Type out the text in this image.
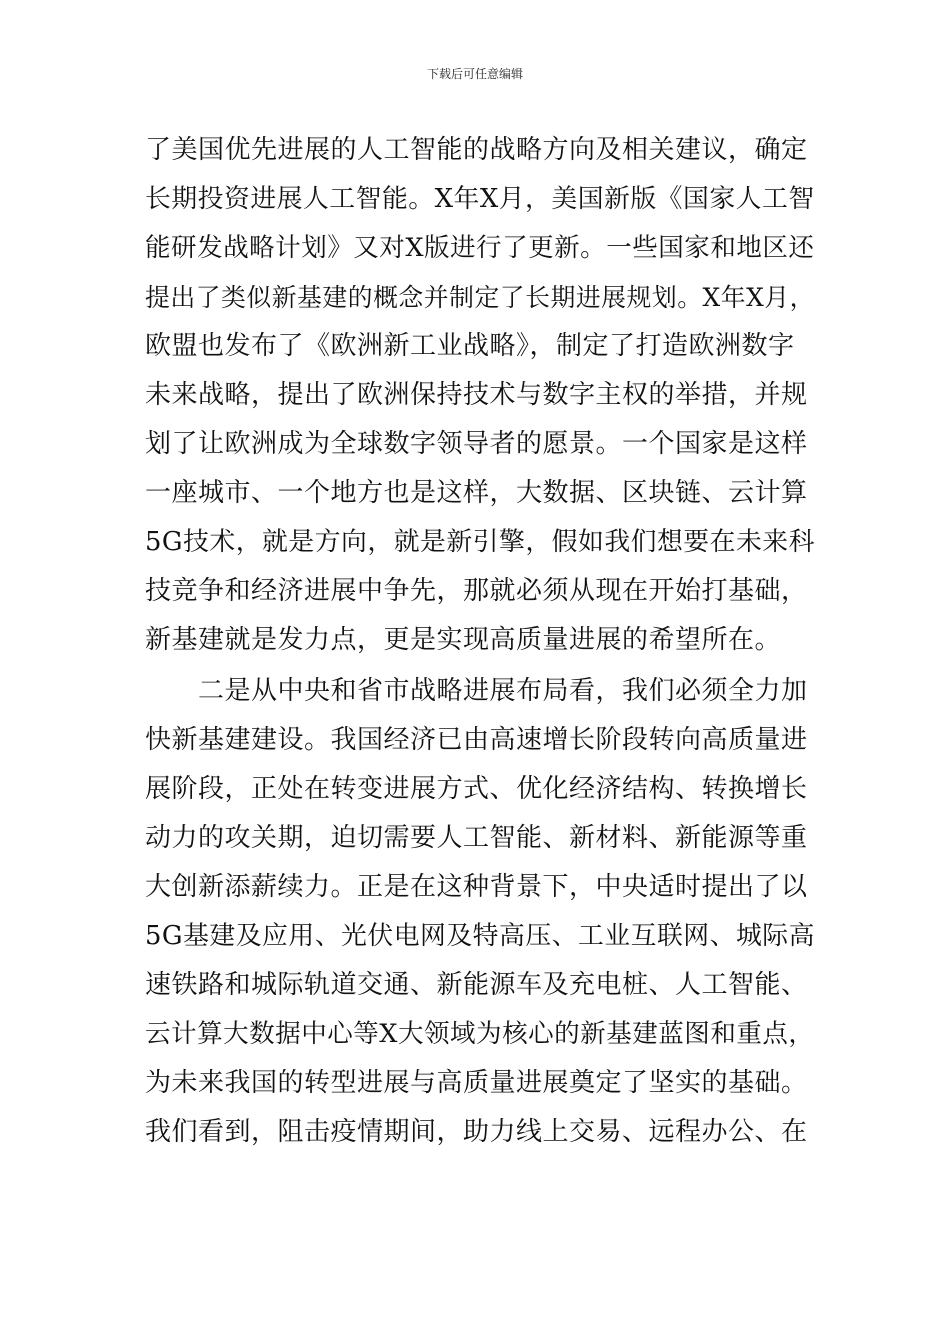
下载后可任意编辑
了美国优先进展的人工智能的战略方向及相关建议，确定
长期投资进展人工智能。X年X月，美国新版《国家人工智
能研发战略计划》又对X版进行了更新。一些国家和地区还
提出了类似新基建的概念并制定了长期进展规划。X年X月，
欧盟也发布了《欧洲新工业战略》，制定了打造欧洲数字
未来战略，提出了欧洲保持技术与数字主权的举措，并规
划了让欧洲成为全球数字领导者的愿景。一个国家是这样
一座城市、一个地方也是这样，大数据、区块链、云计算
5G技术，就是方向，就是新引擎，假如我们想要在未来科
技竞争和经济进展中争先，那就必须从现在开始打基础，
新基建就是发力点，更是实现高质量进展的希望所在。
　　二是从中央和省市战略进展布局看，我们必须全力加
快新基建建设。我国经济已由高速增长阶段转向高质量进
展阶段，正处在转变进展方式、优化经济结构、转换增长
动力的攻关期，迫切需要人工智能、新材料、新能源等重
大创新添薪续力。正是在这种背景下，中央适时提出了以
5G基建及应用、光伏电网及特高压、工业互联网、城际高
速铁路和城际轨道交通、新能源车及充电桩、人工智能、
云计算大数据中心等X大领域为核心的新基建蓝图和重点，
为未来我国的转型进展与高质量进展奠定了坚实的基础。
我们看到，阻击疫情期间，助力线上交易、远程办公、在
